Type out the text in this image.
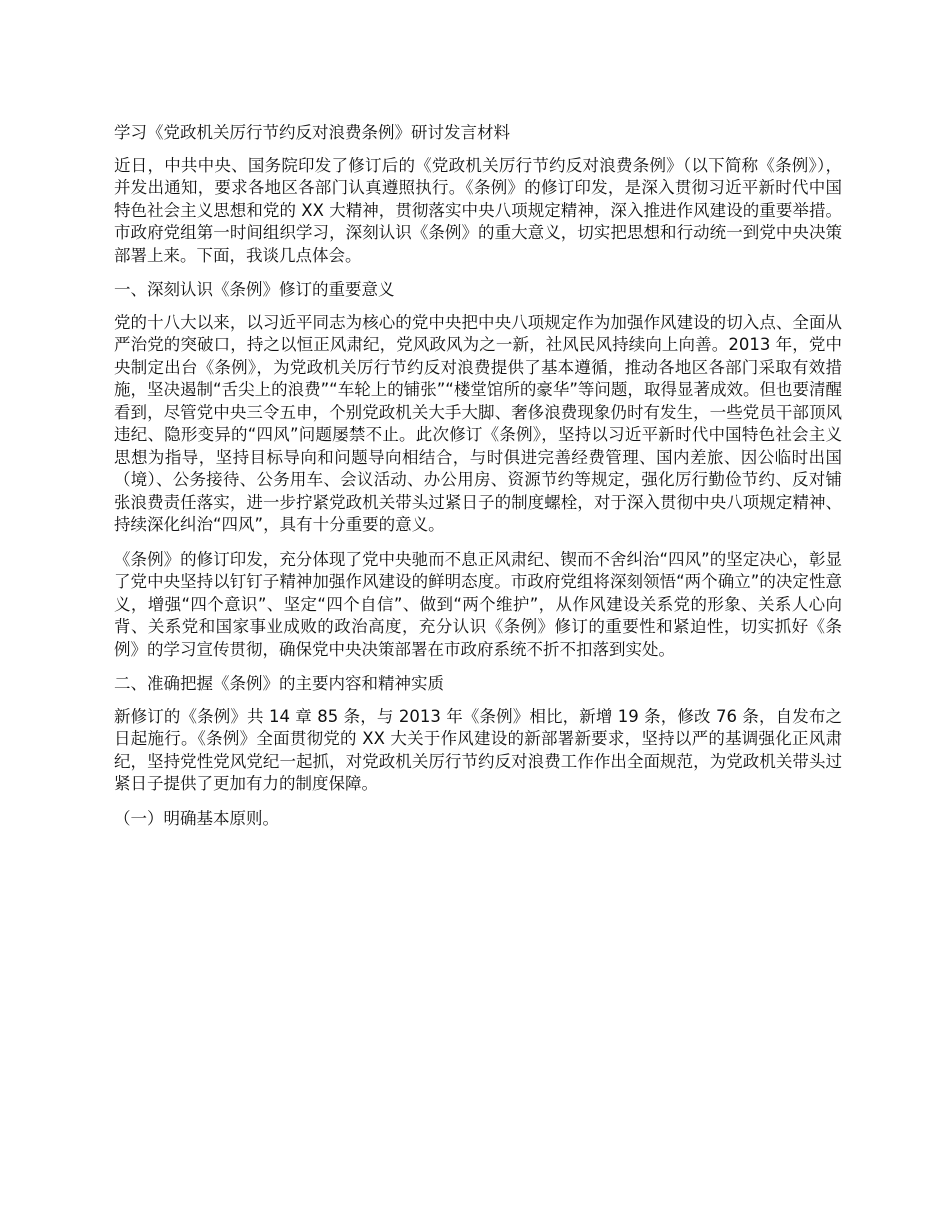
学习《党政机关厉行节约反对浪费条例》研讨发言材料

近日，中共中央、国务院印发了修订后的《党政机关厉行节约反对浪费条例》（以下简称《条例》），并发出通知，要求各地区各部门认真遵照执行。《条例》的修订印发，是深入贯彻习近平新时代中国特色社会主义思想和党的 XX 大精神，贯彻落实中央八项规定精神，深入推进作风建设的重要举措。市政府党组第一时间组织学习，深刻认识《条例》的重大意义，切实把思想和行动统一到党中央决策部署上来。下面，我谈几点体会。

一、深刻认识《条例》修订的重要意义

党的十八大以来，以习近平同志为核心的党中央把中央八项规定作为加强作风建设的切入点、全面从严治党的突破口，持之以恒正风肃纪，党风政风为之一新，社风民风持续向上向善。2013 年，党中央制定出台《条例》，为党政机关厉行节约反对浪费提供了基本遵循，推动各地区各部门采取有效措施，坚决遏制“舌尖上的浪费”“车轮上的铺张”“楼堂馆所的豪华”等问题，取得显著成效。但也要清醒看到，尽管党中央三令五申，个别党政机关大手大脚、奢侈浪费现象仍时有发生，一些党员干部顶风违纪、隐形变异的“四风”问题屡禁不止。此次修订《条例》，坚持以习近平新时代中国特色社会主义思想为指导，坚持目标导向和问题导向相结合，与时俱进完善经费管理、国内差旅、因公临时出国（境）、公务接待、公务用车、会议活动、办公用房、资源节约等规定，强化厉行勤俭节约、反对铺张浪费责任落实，进一步拧紧党政机关带头过紧日子的制度螺栓，对于深入贯彻中央八项规定精神、持续深化纠治“四风”，具有十分重要的意义。

《条例》的修订印发，充分体现了党中央驰而不息正风肃纪、锲而不舍纠治“四风”的坚定决心，彰显了党中央坚持以钉钉子精神加强作风建设的鲜明态度。市政府党组将深刻领悟“两个确立”的决定性意义，增强“四个意识”、坚定“四个自信”、做到“两个维护”，从作风建设关系党的形象、关系人心向背、关系党和国家事业成败的政治高度，充分认识《条例》修订的重要性和紧迫性，切实抓好《条例》的学习宣传贯彻，确保党中央决策部署在市政府系统不折不扣落到实处。

二、准确把握《条例》的主要内容和精神实质

新修订的《条例》共 14 章 85 条，与 2013 年《条例》相比，新增 19 条，修改 76 条，自发布之日起施行。《条例》全面贯彻党的 XX 大关于作风建设的新部署新要求，坚持以严的基调强化正风肃纪，坚持党性党风党纪一起抓，对党政机关厉行节约反对浪费工作作出全面规范，为党政机关带头过紧日子提供了更加有力的制度保障。

（一）明确基本原则。
